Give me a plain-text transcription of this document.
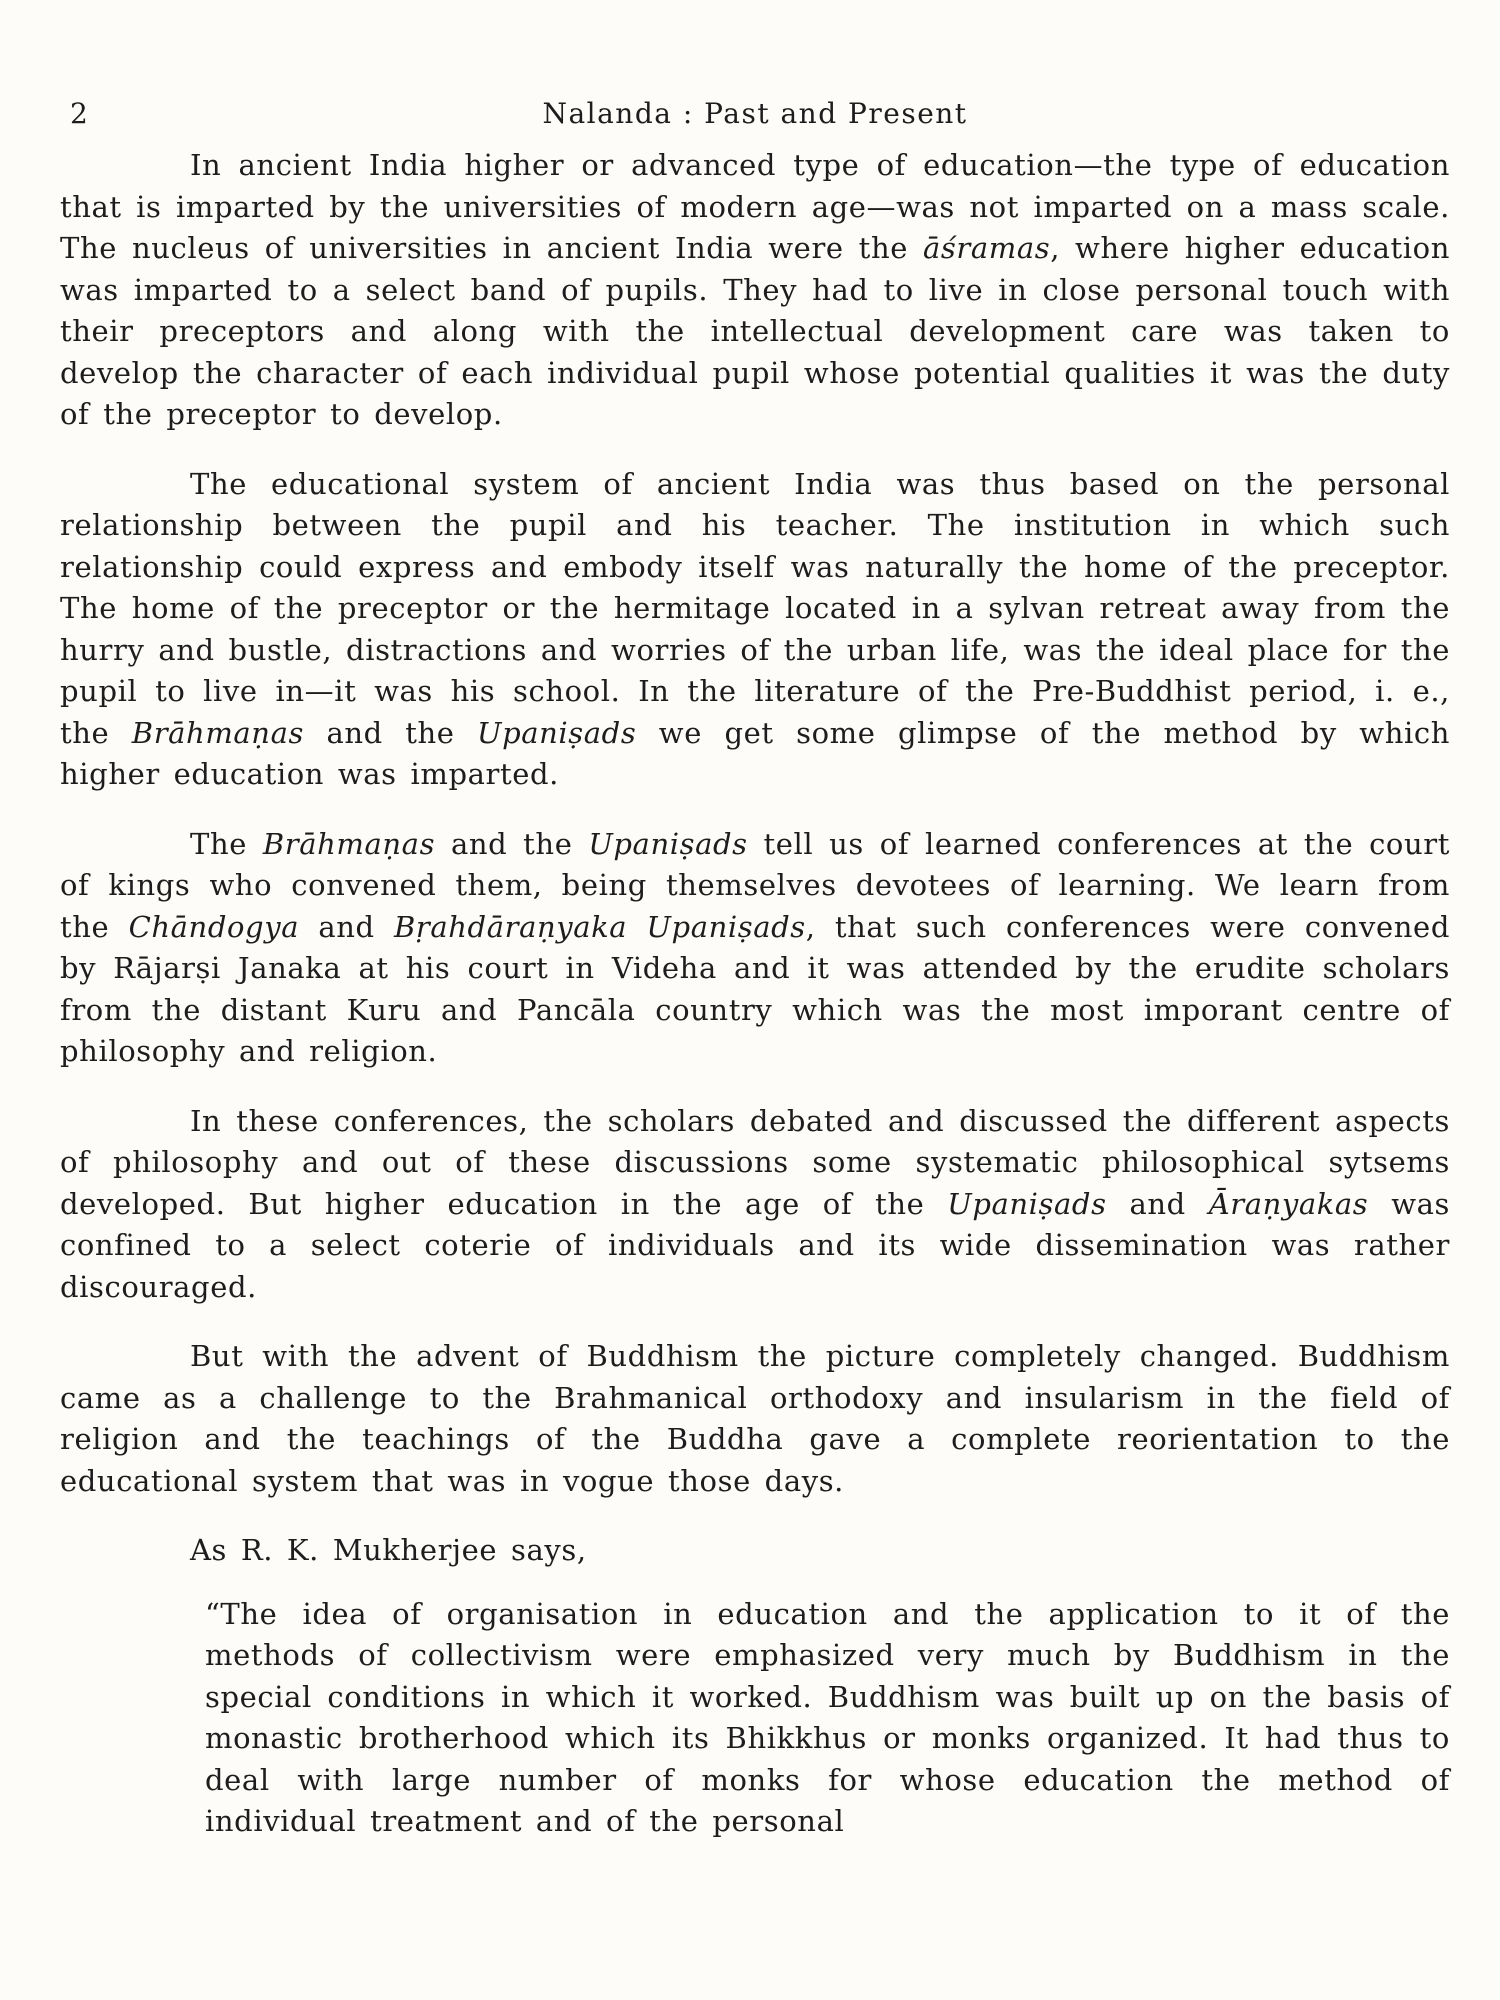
2	Nalanda : Past and Present

In ancient India higher or advanced type of education—the type of education that is imparted by the universities of modern age—was not imparted on a mass scale. The nucleus of universities in ancient India were the āśramas, where higher education was imparted to a select band of pupils. They had to live in close personal touch with their preceptors and along with the intellectual development care was taken to develop the character of each individual pupil whose potential qualities it was the duty of the preceptor to develop.

The educational system of ancient India was thus based on the personal relationship between the pupil and his teacher. The institution in which such relationship could express and embody itself was naturally the home of the preceptor. The home of the preceptor or the hermitage located in a sylvan retreat away from the hurry and bustle, distractions and worries of the urban life, was the ideal place for the pupil to live in—it was his school. In the literature of the Pre-Buddhist period, i. e., the Brāhmaṇas and the Upaniṣads we get some glimpse of the method by which higher education was imparted.

The Brāhmaṇas and the Upaniṣads tell us of learned conferences at the court of kings who convened them, being themselves devotees of learning. We learn from the Chāndogya and Bṛahdāraṇyaka Upaniṣads, that such conferences were convened by Rājarṣi Janaka at his court in Videha and it was attended by the erudite scholars from the distant Kuru and Pancāla country which was the most imporant centre of philosophy and religion.

In these conferences, the scholars debated and discussed the different aspects of philosophy and out of these discussions some systematic philosophical sytsems developed. But higher education in the age of the Upaniṣads and Āraṇyakas was confined to a select coterie of individuals and its wide dissemination was rather discouraged.

But with the advent of Buddhism the picture completely changed. Buddhism came as a challenge to the Brahmanical orthodoxy and insularism in the field of religion and the teachings of the Buddha gave a complete reorientation to the educational system that was in vogue those days.

As R. K. Mukherjee says,

“The idea of organisation in education and the application to it of the methods of collectivism were emphasized very much by Buddhism in the special conditions in which it worked. Buddhism was built up on the basis of monastic brotherhood which its Bhikkhus or monks organized. It had thus to deal with large number of monks for whose education the method of individual treatment and of the personal
